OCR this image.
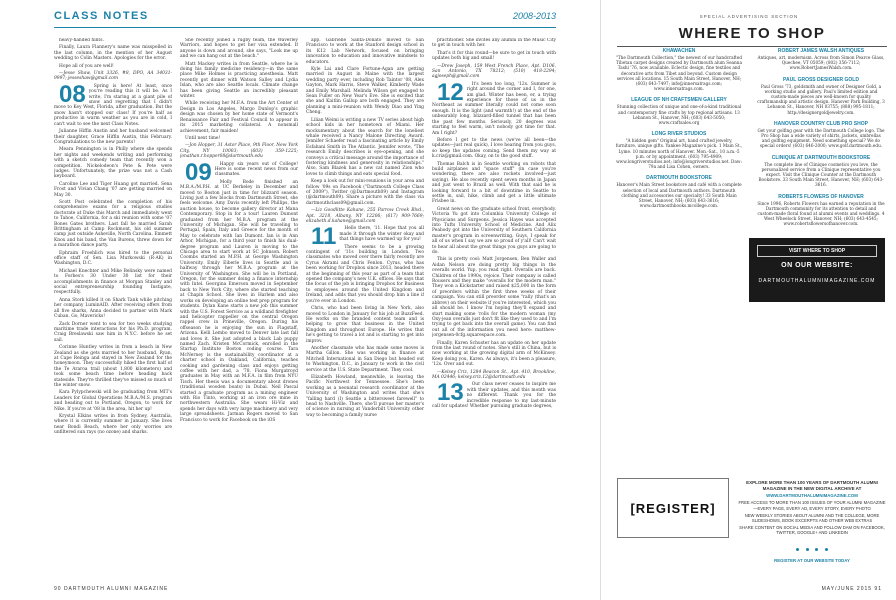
CLASS NOTES	2008-2013

heavy-handed hints.

Finally, Laura Flannery's name was misspelled in the last column, in the mention of her August wedding to Colin Masters. Apologies for the error.

Hope all of you are well!

—Jesse Shaw, Unit 3326, #8, DPO, AA 34031-9997; jesseshaw@gmail.com

08 Spring is here! At least, once you're reading this it will be. As I write, I'm staring at a giant pile of snow and regretting that I didn't move to Key West, Florida, after graduation. But the snow hasn't stopped our class! If you're half as productive in warm weather as you are in cold, I can't wait to see the next Class Notes.

Julianne Hiffin Austin and her husband welcomed their daughter, Grace Hiffin Austin, this February. Congratulations to the new parents!

Meara Pennington is in Philly where she spends her nights and weekends writing and performing with a sketch comedy team that recently won a competition. Nickelodeon's Pete & Pete were judges. Unfortunately, the prize was not a Cash keyboard.

Caroline Lee and Tiger Huang got married. Sena Frost and Vivian Chang '07 are getting married on May 30.

Scott Post celebrated the completion of his comprehensive exams for a religious studies doctorate at Duke this March and immediately went to Tahoe, California, for a ski reunion with some '07 Bones Gates brothers. Last fall he married Sarah Brittingham at Camp Rockmont, his old summer camp just outside Asheville, North Carolina. Emmett Knox and his band, the Van Burens, threw down for a marathon dance party.

Ephraim Froehlich was hired to the personal office staff of Sen. Lisa Murkowski (R-AK) in Washington, D.C.

Michael Knechter and Mike Belinsky were named to Forbes's 30 Under 30 list for their accomplishments in finance at Morgan Stanley and social entrepreneurship founding Instigate, respectfully.

Anna Stork killed it on Shark Tank while pitching her company LuminAID. After receiving offers from all five sharks, Anna decided to partner with Mark Cuban. Go, Mavericks!

Zack Dorner went to sea for two weeks studying maritime trade interactions for his Ph.D. program. Craig Breslawski saw him in N.Y.C. before he set sail.

Corinne Huntley writes in from a beach in New Zealand as she gets married to her husband, Ryan, at Cape Reinga and stayed in New Zealand for the honeymoon. They successfully hiked the first half of the Te Araroa trail (about 1,800 kilometers) and took some beach time before heading back stateside. They're thrilled they've missed so much of the winter snow.

Kara Pylypchewski will be graduating from MIT's Leaders for Global Operations M.B.A./M.S. program and heading out to Portland, Oregon, to work for Nike. If you're at '08 in the area, hit her up!

Krystal Elkins writes in from Sydney, Australia, where it is currently summer in January. She lives near Bondi Beach, where her only worries are unfiltered sun rays (no ozone) and sharks.

She recently joined a rugby team, the Waverley Warriors, and hopes to get her visa extended. If anyone is down and around, she says, "Look me up and we can hang out at the beach."

Matt Mackey writes in from Seattle, where he is doing his family medicine residency—in the same place Mike Holmes is practicing anesthesia. Matt recently got dinner with Watson Salley and Lydia Islan, who are also Seattle locals. Climate change has been giving Seattle an incredibly pleasant winter.

While receiving her M.F.A. from the Art Center of Design in Los Angeles, Margo Dunlop's graphic design was chosen by her home state of Vermont's Renaissance Fair and Festival Council to appear in its 2015 marketing collateral. A nonsmall achievement, fair maiden!

Until next time!

—Jon Hopper, 31 Astor Place, 9th Floor, New York City, NY 10003; (603) 359-1225; jonathan.r.hopper08@dartmouth.edu

09 Happy six years out of College! Here is some recent news from our classmates.

Molly Bode finished an M.B.A./M.P.H. at UC Berkeley in December and moved to Boston just in time for blizzard season. Living just a few blocks from Dartmouth Street, she feels welcome. Amy Davis recently left Phillips, the auction house, to become gallery director at Mana Contemporary. Stop in for a tour! Lauren Dumont graduated from her M.B.A. program at the University of Michigan. She will be traveling to Portugal, Spain, Italy and Greece for the month of May to celebrate with Ian Dumont. Ian is in Ann Arbor, Michigan, for a third year to finish his dual-degree program and Lauren is moving to the Chicago area to start work at SC Johnson. Robert Coombs started an M.P.H. at George Washington University. Emily Eiberle lives in Seattle and is halfway through her M.B.A. program at the University of Washington. She will be in Portland, Oregon, for the summer doing a finance internship with Intel. Georgina Emerson moved in September back to New York City, where she started teaching at Chapin School. She lives in Harlem and also works on developing an online test prep program for students. Dylan Kane starts a new job this summer with the U.S. Forest Service as a wildland firefighter and helicopter rappeller on the central Oregon rappel crew in Prineville, Oregon. During his offseason he is enjoying the sun in Flagstaff, Arizona. Kelli Lembo moved to Denver late last fall and loves it. She just adopted a black Lab puppy named Zach. Kristen McCormick, enrolled in the Startup Institute Boston coding course. Tara McNerney is the sustainability coordinator at a charter school in Oakland, California, teaches cooking and gardening class and enjoys getting coffee with her dad, a '78. Fiona Murgatroyd graduates in May with an M.F.A. in film from NYU Tisch. Her thesis was a documentary about drones (traditional wooden boats) in Dubai. Neil Pascal started a graduate program as a mining engineer with Rio Tinto, working at an iron ore mine in northwestern Australia. She wears Hi-Viz and spends her days with very large machinery and very large spreadsheets. Jarman Rogers moved to San Francisco to work for Facebook on the iOS

app. Gabrielle Santa-Donato moved to San Francisco to work at the Stanford design school in its K12 Lab Network, focused on bringing innovation to education and innovative mindsets to educators.

Kyle Lai and Clare Fortune-Agan are getting married in August in Maine with the largest wedding party ever, including Rob Taintor '08, Alex Gayton, Mark Harris, Steve Walker, Kimberly Wade and Emily Marshall. Melinda Wilson got engaged to Sean Fuller on New Year's Eve. She is excited that she and Kaitlin Gallup are both engaged. They are planning a mini-reunion with Wendy Diao and Ying Cheng.

Lilian Weimi is writing a new TV series about high school kids in her hometown of Miami. Her mockumentary about the search for the loneliest whale received a Nancy Malone Directing Award. Jennifer Schaefer read a fascinating article by Emily Esfahani Smith in The Atlantic. Jennifer wrote, "The research Emily describes is eye-opening, and she conveys a critical message around the importance of fostering kindness and generosity in relationships." Also, Sam Blazek has a new cat named Zion who loves to climb things and eats special food.

Keep a look out for mini-reunions in your area and follow '09s on Facebook ("Dartmouth College Class of 2009"), Twitter (@Dartmouth09) and Instagram (@dartmouth09). Share a picture with the class via dartmouthclass09@gmail.com.

—Liz Goodlitte Kahane, 255 Parrow Creek Blvd., Apt. 3218, Albany, NY 12206; (617) 909-7669; elizabeth.d.kahane@gmail.com

11 Hello there, '11. Hope that you all made it through the winter okay and that things have warmed up for you!

There seems to be a growing contingent of '11s building in London. Two classmates who moved over there fairly recently are Cyrus Akrami and Chris Fenlon. Cyrus, who has been working for Dropbox since 2013, headed there at the beginning of this year as part of a team that opened the company's new U.K. offices. He says that the focus of the job is bringing Dropbox for Business to employees around the United Kingdom and Ireland, and adds that you should drop him a line if you're ever in London.

Chris, who had been living in New York, also moved to London in January for his job at BuzzFeed. He works on the branded content team and is helping to grow that business in the United Kingdom and throughout Europe. He writes that he's getting to travel a lot and is starting to get into improv.

Another classmate who has made some moves is Martha Gillon. She was working in finance at Mitchell International in San Diego but headed out to Washington, D.C., in January to work in the civil service at the U.S. State Department. They cool.

Elizabeth Howland, meanwhile, is leaving the Pacific Northwest for Tennessee. She's been working as a neonatal research coordinator at the University of Washington and writes that she's "falling hard (I) Seattle a bittersweet farewell" to head to Nashville. There, she'll pursue her master's of science in nursing at Vanderbilt University other way to becoming a family nurse

practitioner. She invites any alumni in the Music City to get in touch with her.

That's it for this round—be sure to get in touch with updates both big and small!

—Drew Joseph, 159 West French Place, Apt. D106, San Antonio, TX 78212; (510) 418-2294; agjoseph@gmail.com

12 It's been too long, '12s. Summer is right around the corner and I, for one, am glad. Winter has been, er, a trying experience for those of us in the Northeast as summer literally could not come soon enough. It is the light (and warmth!) at the end of the unbearably long, blizzard-filled tunnel that has been the past few months. Seriously, 20 degrees was starting to feel warm, isn't nobody got time for that. Am I right?

Before I get to the news (we've all been—the updates—just real quick), I love hearing from you guys, so keep the updates coming. Send them my way at k.criz@gmail.com. Okay, on to the good stuff.

Thomas Balch is in Seattle working on robots that build airplanes and "space stuff" (in case you're wondering, there are also rockets involved—just saying). He also recently spent seven months in Japan and just went to Brazil as well. With that said he is looking forward to a bit of downtime in Seattle to settle in, sail, hike, climb and get a little ultimate Frisbee in.

Great news on the graduate school front, everybody. Victoria Yu got into Columbia University College of Physicians and Surgeons. Jessica Hayes was accepted into Tufts University School of Medicine. And Alix Peabody got into the University of Southern California master's program in screenwriting. Guys, I speak for all of us when I say we are so proud of y'all! Can't wait to hear all about the great things you guys are going to do.

This is pretty cool: Matt Jorgensen, Ben Waller and Aidan Nelson are doing pretty big things in the overalls world. Yup, you read right. Overalls are back. Children of the 1990s, rejoice. Their company is called Rousers and they make "overalls for the modern man." They won a Kickstarter and raised $25,000 in the form of preorders within the first three weeks of their campaign. You can still preorder some "rally (that's an abbrev) on their website if you're interested, which you all should be. I know I'm hoping they'll expand and start making some 'rolls for the modern woman (my Oxy-jean overalls just don't fit like they used to and I'm trying to get back into the overall game). You can find out all of the information you need here: matthew-jorgensen-0cfg.squarespace.com.

Finally, Karen Schuster has an update on her update from the last round of notes. She's still in China, but is now working at the growing digital arm of McKinsey. Keep doing you, Karen. As always, it's been a pleasure, '12s. Over and out.

—Kelsey Criz, 1284 Beacon St., Apt. 410, Brookline, MA 02446; kelsey.criz.12@dartmouth.edu

13 Our class never ceases to inspire me with their updates, and this month was no different. Thank you for the incredible response to my last-minute call for updates! Whether pursuing graduate degrees,

90 DARTMOUTH ALUMNI MAGAZINE
SPECIAL ADVERTISING SECTION
WHERE TO SHOP
KHAWACHEN
"The Dartmouth Collection," the newest of our handcrafted Tibetan carpet designs created by Dartmouth alum Seanna Tashi '76, now available. Eclectic design, fine textiles and decorative arts from Tibet and beyond. Custom design services all locations. 15 South Main Street, Hanover, NH; (603) 643-7497; info@innersatrags.com; www.innersatrags.com.
LEAGUE OF NH CRAFTSMEN GALLERY
Stunning collection of unique and one-of-a-kind traditional and contemporary fine crafts by top regional artisans. 13 Lebanon St., Hanover, NH; (603) 643-5050; www.craftsales.org
LONG RIVER STUDIOS
"A hidden gem" Original art, hand crafted jewelry, furniture, unique gifts. Yankee Magazine's pick. 1 Main St., Lyme. 10 minutes north of Hanover. Mon.-Sat., 10 a.m.-5 p.m. or by appointment. (603) 795-4909; www.longriverstudios.net; info@longriverstudios.net. Daw: 79a and Lisa Cohen, owners.
DARTMOUTH BOOKSTORE
Hanover's Main Street bookstore and café with a complete selection of local and Dartmouth authors. Dartmouth clothing and accessories our specialty! 33 South Main Street, Hanover, NH; (603) 643-3616; www.dartmouthbooks.mcollege.com.
ROBERT JAMES WALSH ANTIQUES
Antiques, art, modernism. Across from Simon Pearce Glass, Quechee, VT 05059; (802) 356-7112; www.RobertJamesWalsh.com.
PAUL GROSS DESIGNER GOLD
Paul Gross '73, goldsmith and owner of Designer Gold, a working studio and gallery. Paul's limited edition and custom-made pieces are well-known for quality craftsmanship and artistic design. Hanover Park Building, 3 Lebanon St., Hanover, NH 03755; (888) 995-1811; http://designergoldjewelry.com.
HANOVER COUNTRY CLUB PRO SHOP
Get your golfing gear with the Dartmouth College logo. The Pro Shop has a wide variety of shirts, jackets, umbrellas and golfing equipment. Need something special? We do special orders! (603) 646-2000; www.golf.dartmouth.edu.
CLINIQUE AT DARTMOUTH BOOKSTORE
The complete line of Clinique cosmetics you love, the personalized service from a Clinique representative you expect. Visit the Clinique Counter at the Dartmouth Bookstore. 33 South Main Street, Hanover, NH; (603) 643-3616.
ROBERTS FLOWERS OF HANOVER
Since 1996, Roberts Flowers has earned a reputation in the Dartmouth community for its attention to detail and custom-made floral found at alumni events and weddings. 4 West Wheelock Street, Hanover, NH; (603) 643-4545; www.robertsflowersofhanover.com.
VISIT WHERE TO SHOP
ON OUR WEBSITE:
DARTMOUTHALUMNIMAGAZINE.COM
[REGISTER]
EXPLORE MORE THAN 100 YEARS OF DARTMOUTH ALUMNI MAGAZINE IN THE NEW DIGITAL ARCHIVE AT
WWW.DARTMOUTHALUMNIMAGAZINE.COM
FREE ACCESS TO MORE THAN 100 ISSUES OF YOUR ALUMNI MAGAZINE—EVERY PAGE, EVERY AD, EVERY STORY, EVERY PHOTO
NEW WEEKLY STORIES ABOUT ALUMNI AND THE COLLEGE, MORE SLIDESHOWS, BOOK EXCERPTS AND OTHER WEB EXTRAS
SHARE CONTENT ON SOCIAL MEDIA AND FOLLOW DAM ON FACEBOOK, TWITTER, GOOGLE+ AND LINKEDIN

REGISTER AT OUR WEBSITE TODAY
MAY/JUNE 2015 91
